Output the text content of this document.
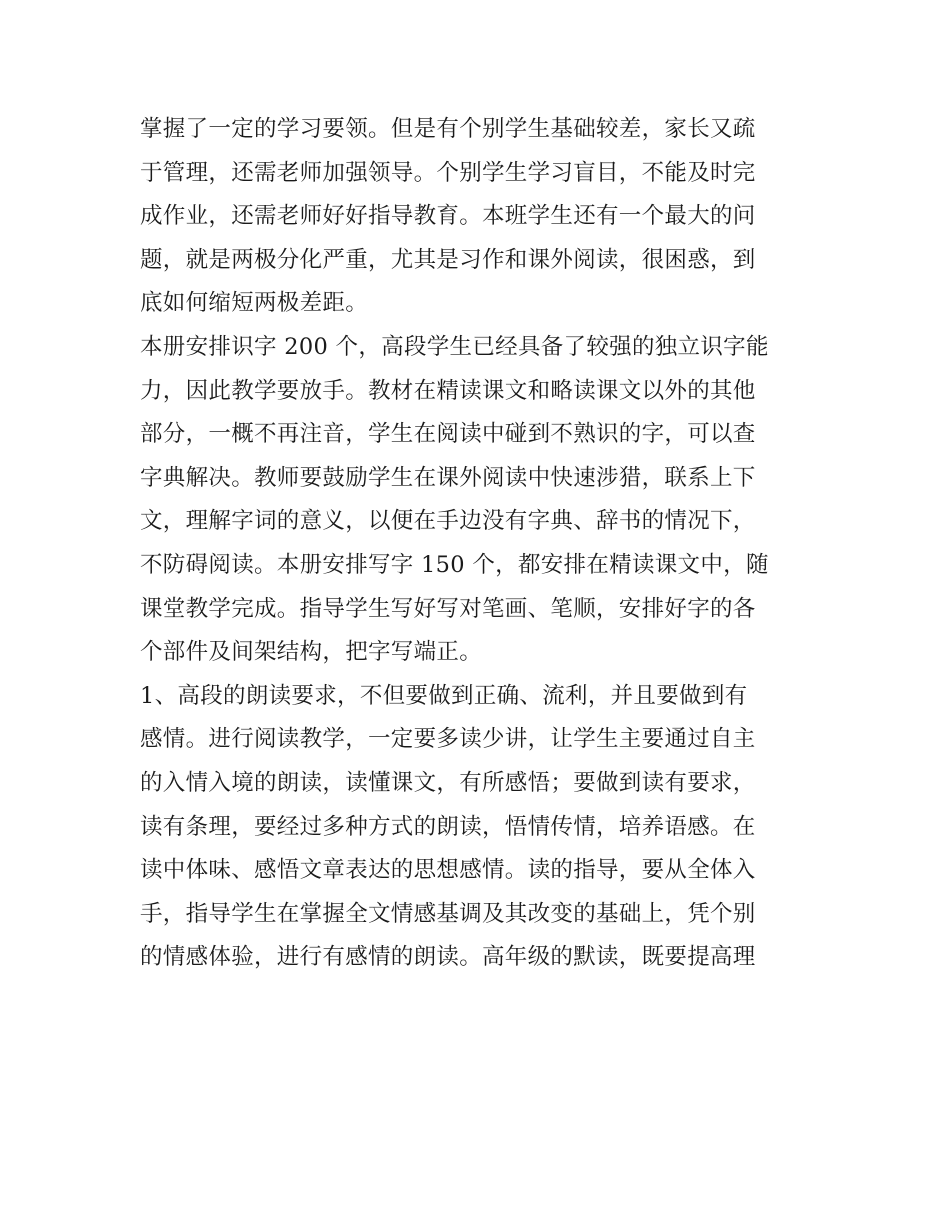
掌握了一定的学习要领。但是有个别学生基础较差，家长又疏
于管理，还需老师加强领导。个别学生学习盲目，不能及时完
成作业，还需老师好好指导教育。本班学生还有一个最大的问
题，就是两极分化严重，尤其是习作和课外阅读，很困惑，到
底如何缩短两极差距。
本册安排识字 200 个，高段学生已经具备了较强的独立识字能
力，因此教学要放手。教材在精读课文和略读课文以外的其他
部分，一概不再注音，学生在阅读中碰到不熟识的字，可以查
字典解决。教师要鼓励学生在课外阅读中快速涉猎，联系上下
文，理解字词的意义，以便在手边没有字典、辞书的情况下，
不防碍阅读。本册安排写字 150 个，都安排在精读课文中，随
课堂教学完成。指导学生写好写对笔画、笔顺，安排好字的各
个部件及间架结构，把字写端正。
1、高段的朗读要求，不但要做到正确、流利，并且要做到有
感情。进行阅读教学，一定要多读少讲，让学生主要通过自主
的入情入境的朗读，读懂课文，有所感悟；要做到读有要求，
读有条理，要经过多种方式的朗读，悟情传情，培养语感。在
读中体味、感悟文章表达的思想感情。读的指导，要从全体入
手，指导学生在掌握全文情感基调及其改变的基础上，凭个别
的情感体验，进行有感情的朗读。高年级的默读，既要提高理
